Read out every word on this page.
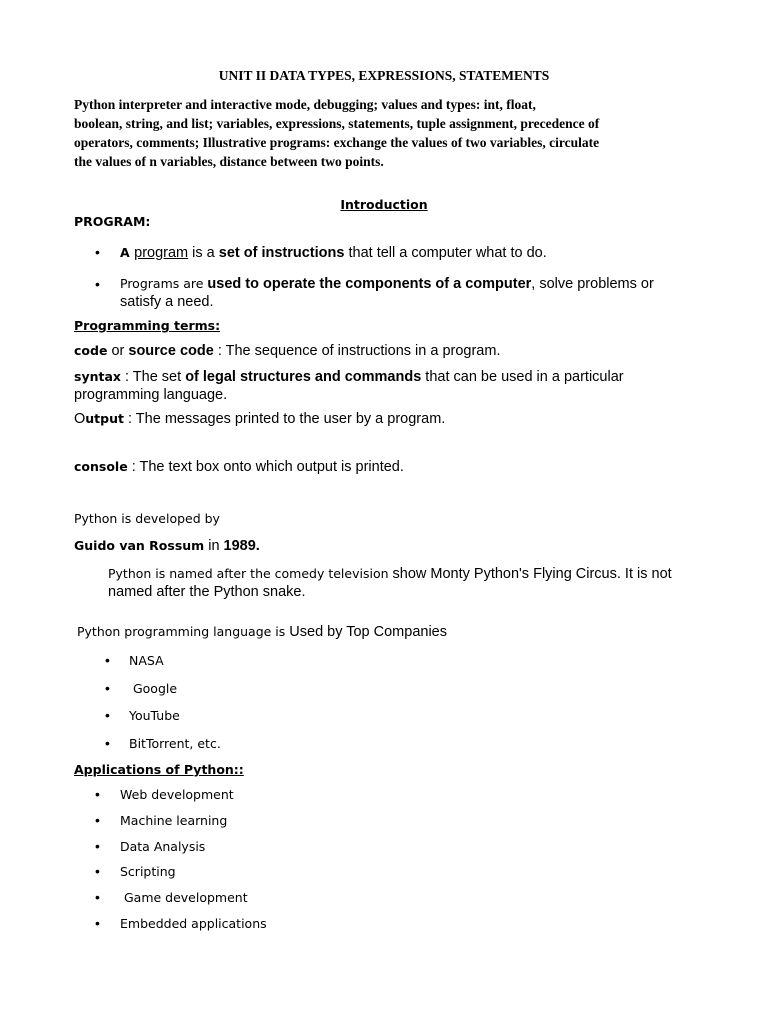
UNIT II DATA TYPES, EXPRESSIONS, STATEMENTS
Python interpreter and interactive mode, debugging; values and types: int, float,
boolean, string, and list; variables, expressions, statements, tuple assignment, precedence of
operators, comments; Illustrative programs: exchange the values of two variables, circulate
the values of n variables, distance between two points.
Introduction
PROGRAM:
• A program is a set of instructions that tell a computer what to do.
• Programs are used to operate the components of a computer, solve problems or
satisfy a need.
Programming terms:
code or source code : The sequence of instructions in a program.
syntax : The set of legal structures and commands that can be used in a particular
programming language.
Output : The messages printed to the user by a program.
console : The text box onto which output is printed.
Python is developed by
Guido van Rossum in 1989.
Python is named after the comedy television show Monty Python's Flying Circus. It is not
named after the Python snake.
Python programming language is Used by Top Companies
• NASA
• Google
• YouTube
• BitTorrent, etc.
Applications of Python::
• Web development
• Machine learning
• Data Analysis
• Scripting
• Game development
• Embedded applications
